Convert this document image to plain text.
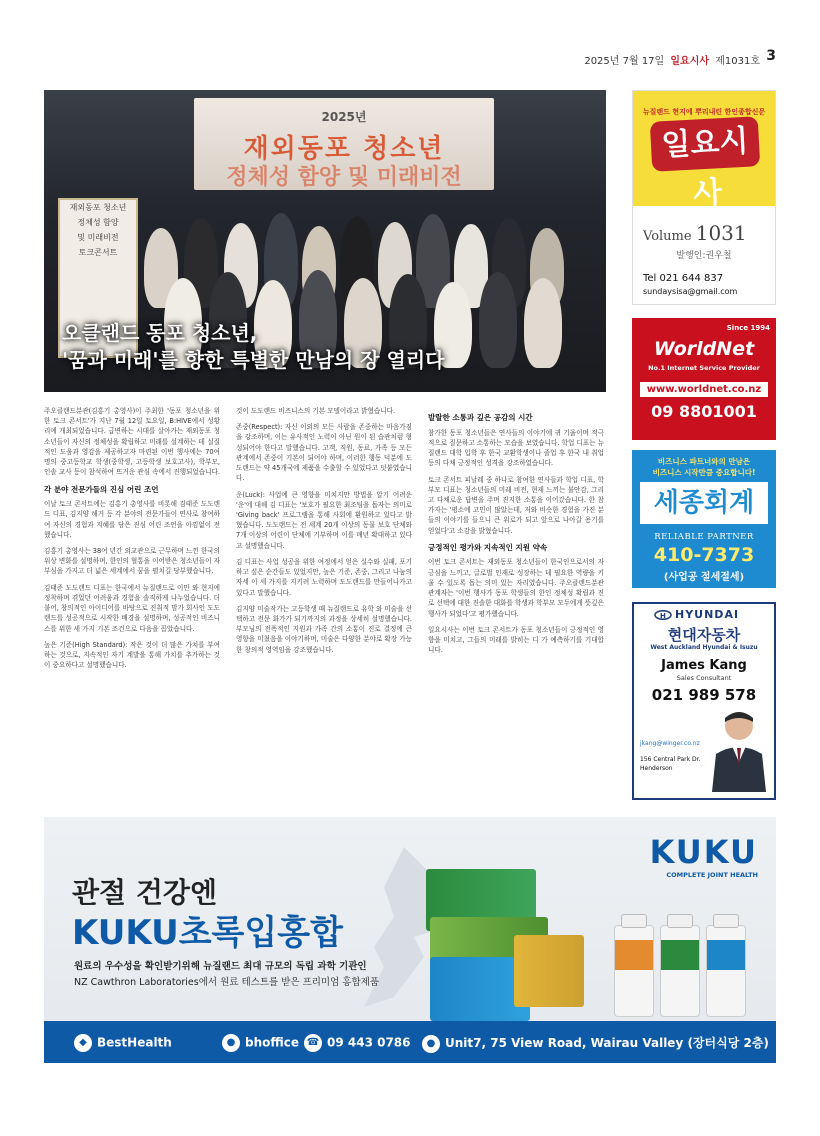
2025년 7월 17일 일요시사 제1031호 3
2025년
재외동포 청소년
정체성 함양 및 미래비전
재외동포 청소년
정체성 함양
및 미래비전
토크콘서트
오클랜드 동포 청소년,
'꿈과 미래'를 향한 특별한 만남의 장 열리다

주오클랜드분관(김홍기 총영사)이 주최한 '동포 청소년을 위한 토크 콘서트'가 지난 7월 12일 토요일, B:HIVE에서 성황리에 개최되었습니다. 급변하는 시대를 살아가는 재외동포 청소년들이 자신의 정체성을 확립하고 미래를 설계하는 데 실질적인 도움과 영감을 제공하고자 마련된 이번 행사에는 70여 명의 중고등학교 학생(중학생, 고등학생 보호고사), 학부모, 인솔 교사 등이 참석하여 뜨거운 관심 속에서 진행되었습니다.

각 분야 전문가들의 진심 어린 조언

이날 토크 콘서트에는 김홍기 총영사를 비롯해 김태준 도도랜드 디표, 김지양 해거 등 각 분야의 전문가들이 연사로 참여하여 자신의 경험과 지혜를 담은 진심 어린 조언을 아낌없이 전했습니다.

김홍기 총영사는 38여 년간 외교관으로 근무하며 느낀 한국의 위상 변화를 설명하며, 한인의 혈통을 이어받은 청소년들이 자부심을 가지고 더 넓은 세계에서 꿈을 펼치길 당부했습니다.

김태준 도도랜드 디표는 한국에서 뉴질랜드로 이민 와 현지에 정착하며 겪었던 어려움과 경험을 솔직하게 나누었습니다. 더불어, 창의적인 아이디어를 바탕으로 진취적 맘가 회사인 도도랜드를 성공적으로 시작한 배경을 설명하며, 성공적인 비즈니스를 위한 세 가지 기본 조건으로 다음을 꼽았습니다.

높은 기준(High Standard): 작은 것이 더 많은 가치를 부여하는 것으로, 지속적인 자기 계발을 통해 가치를 추가하는 것이 중요하다고 설명했습니다.

것이 도도랜드 비즈니스의 기본 모델이라고 밝혔습니다.

존중(Respect): 자신 이외의 모든 사람을 존중하는 마음가짐을 강조하며, 이는 유사적인 노력이 아닌 원이 된 습관처럼 형성되어야 한다고 말했습니다. 고객, 직원, 동료, 가족 등 모든 관계에서 존중이 기본이 되어야 하며, 이러한 행동 덕분에 도도랜드는 약 45개국에 제품을 수출할 수 있었다고 덧붙였습니다.

운(Luck): 사업에 큰 영향을 미치지만 방법을 알기 어려운 '운'에 대해 김 디표는 '보호가 필요한 최조팀을 돕자는 의미로 'Giving back' 프로그램을 통해 사회에 환원하고 있다고 밝혔습니다. 도도랜드는 전 세계 20개 이상의 동물 보호 단체와 7개 이상의 어린이 단체에 기부하며 이를 매년 확대하고 있다고 설명했습니다.

김 디표는 사업 성공을 위한 여정에서 얻은 실수와 실패, 포기하고 싶은 순간들도 있었지만, 높은 기준, 존중, 그리고 나눔의 자세 이 세 가지를 지키려 노력하며 도도랜드를 만들어나가고 있다고 말했습니다.

김지양 미술작가는 고등학생 때 뉴질랜드로 유학 와 미술을 선택하고 전문 화가가 되기까지의 과정을 상세히 설명했습니다. 부모님의 전폭적인 지원과 가족 간의 소통이 진로 결정에 큰 영향을 미쳤음을 이야기하며, 미술은 다양한 분야로 확장 가능한 창의적 영역임을 강조했습니다.

발랄한 소통과 깊은 공감의 시간

참가한 동포 청소년들은 연사들의 이야기에 귀 기울이며 적극적으로 질문하고 소통하는 모습을 보였습니다. 학업 디표는 뉴질랜드 대학 입학 후 한국 교환학생이나 졸업 후 한국 내 취업 등의 다채 긍정적인 성격을 강조하였습니다.

토크 콘서트 피날레 중 하나로 참여한 연사들과 학업 디표, 학부모 디표는 청소년들의 미래 비전, 현재 느끼는 불안감, 그리고 다채로운 답변을 주며 진지한 소통을 이어갔습니다. 한 참가자는 '평소에 고민이 많았는데, 저와 비슷한 경험을 가진 분들의 이야기를 들으니 큰 위로가 되고 앞으로 나아갈 용기를 얻었다'고 소감을 밝혔습니다.

긍정적인 평가와 지속적인 지원 약속

이번 토크 콘서트는 재외동포 청소년들이 한국인으로서의 자긍심을 느끼고, 글로벌 인재로 성장하는 데 필요한 역량을 키울 수 있도록 돕는 의미 있는 자리였습니다. 주오클랜드분관 관계자는 '이번 행사가 동포 학생들의 한인 정체성 확립과 진로 선택에 대한 진솔한 대화를 학생과 학부모 모두에게 뜻깊은 행사가 되었다'고 평가했습니다.

일요시사는 이번 토크 콘서트가 동포 청소년들이 긍정적인 영향을 미치고, 그들의 미래를 밝히는 디 가 예측하기를 기대합니다.

뉴질랜드 현지에 뿌리내린 한인종합신문
일요시사
Volume 1031
발행인:권우철
Tel 021 644 837
sundaysisa@gmail.com
Since 1994
WorldNet
No.1 Internet Service Provider
www.worldnet.co.nz
09 8801001
비즈니스 파트너와의 만남은
비즈니스 시작만큼 중요합니다!
세종회계
RELIABLE PARTNER
410-7373
(사업공 절세절세)
H HYUNDAI
현대자동차
West Auckland Hyundai & Isuzu
James Kang
Sales Consultant
021 989 578
jkang@winger.co.nz
156 Central Park Dr.
Henderson
관절 건강엔
KUKU초록입홍합
원료의 우수성을 확인받기위해 뉴질랜드 최대 규모의 독립 과학 기관인
NZ Cawthron Laboratories에서 원료 테스트를 받은 프리미엄 홍합제품
KUKU
COMPLETE JOINT HEALTH
◆ BestHealth	● bhoffice ☎ 09 443 0786	● Unit7, 75 View Road, Wairau Valley (장터식당 2층)
